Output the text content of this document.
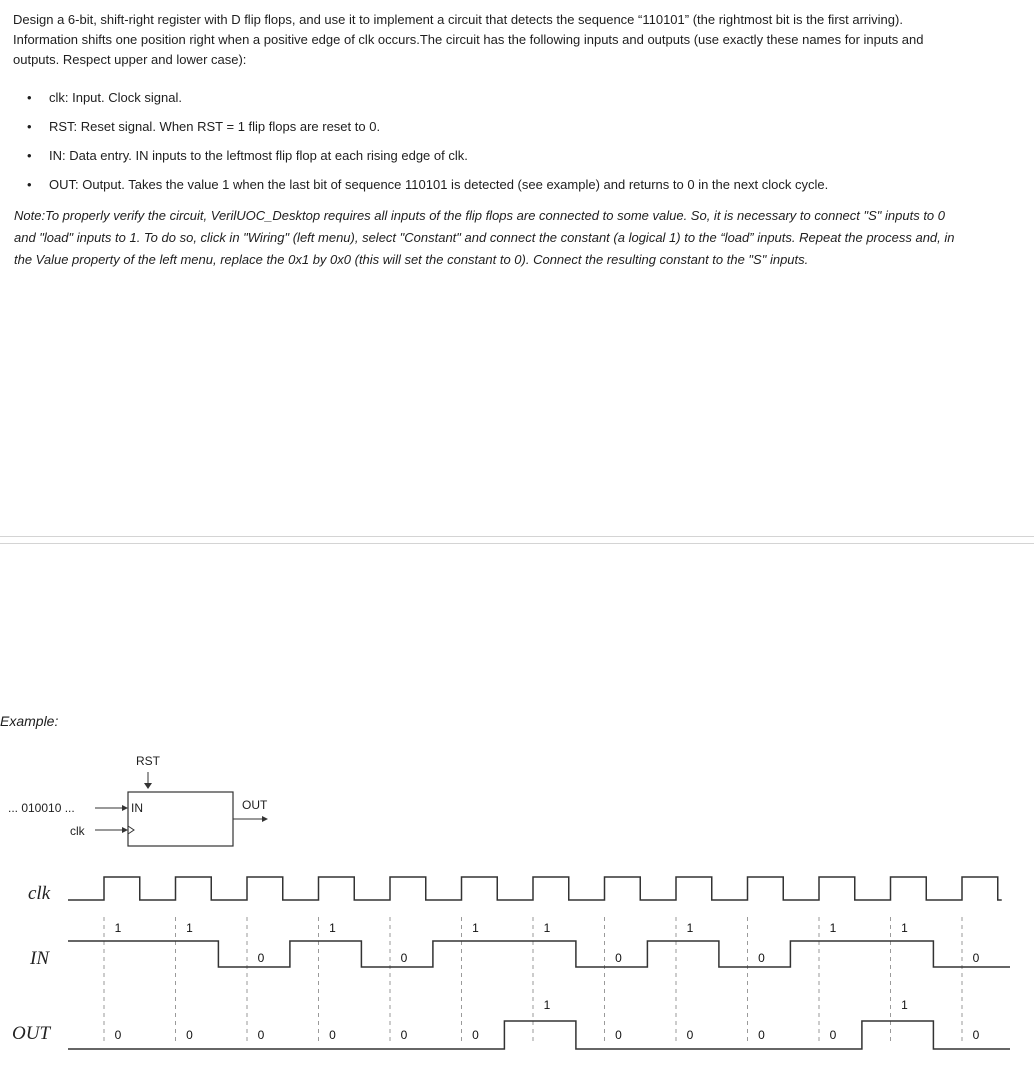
Design a 6-bit, shift-right register with D flip flops, and use it to implement a circuit that detects the sequence “110101” (the rightmost bit is the first arriving).
Information shifts one position right when a positive edge of clk occurs.The circuit has the following inputs and outputs (use exactly these names for inputs and
outputs. Respect upper and lower case):

• clk: Input. Clock signal.
• RST: Reset signal. When RST = 1 flip flops are reset to 0.
• IN: Data entry. IN inputs to the leftmost flip flop at each rising edge of clk.
• OUT: Output. Takes the value 1 when the last bit of sequence 110101 is detected (see example) and returns to 0 in the next clock cycle.

Note:To properly verify the circuit, VerilUOC_Desktop requires all inputs of the flip flops are connected to some value. So, it is necessary to connect "S" inputs to 0
and "load" inputs to 1. To do so, click in "Wiring" (left menu), select "Constant" and connect the constant (a logical 1) to the “load” inputs. Repeat the process and, in
the Value property of the left menu, replace the 0x1 by 0x0 (this will set the constant to 0). Connect the resulting constant to the "S" inputs.

Example:

RST
IN	OUT
... 010010 ...
clk
clk
IN
OUT
1
0
1
0
0
0
1
0
0
0
1
0
1
1
0
0
1
0
0
0
1
0
1
1
0
0
